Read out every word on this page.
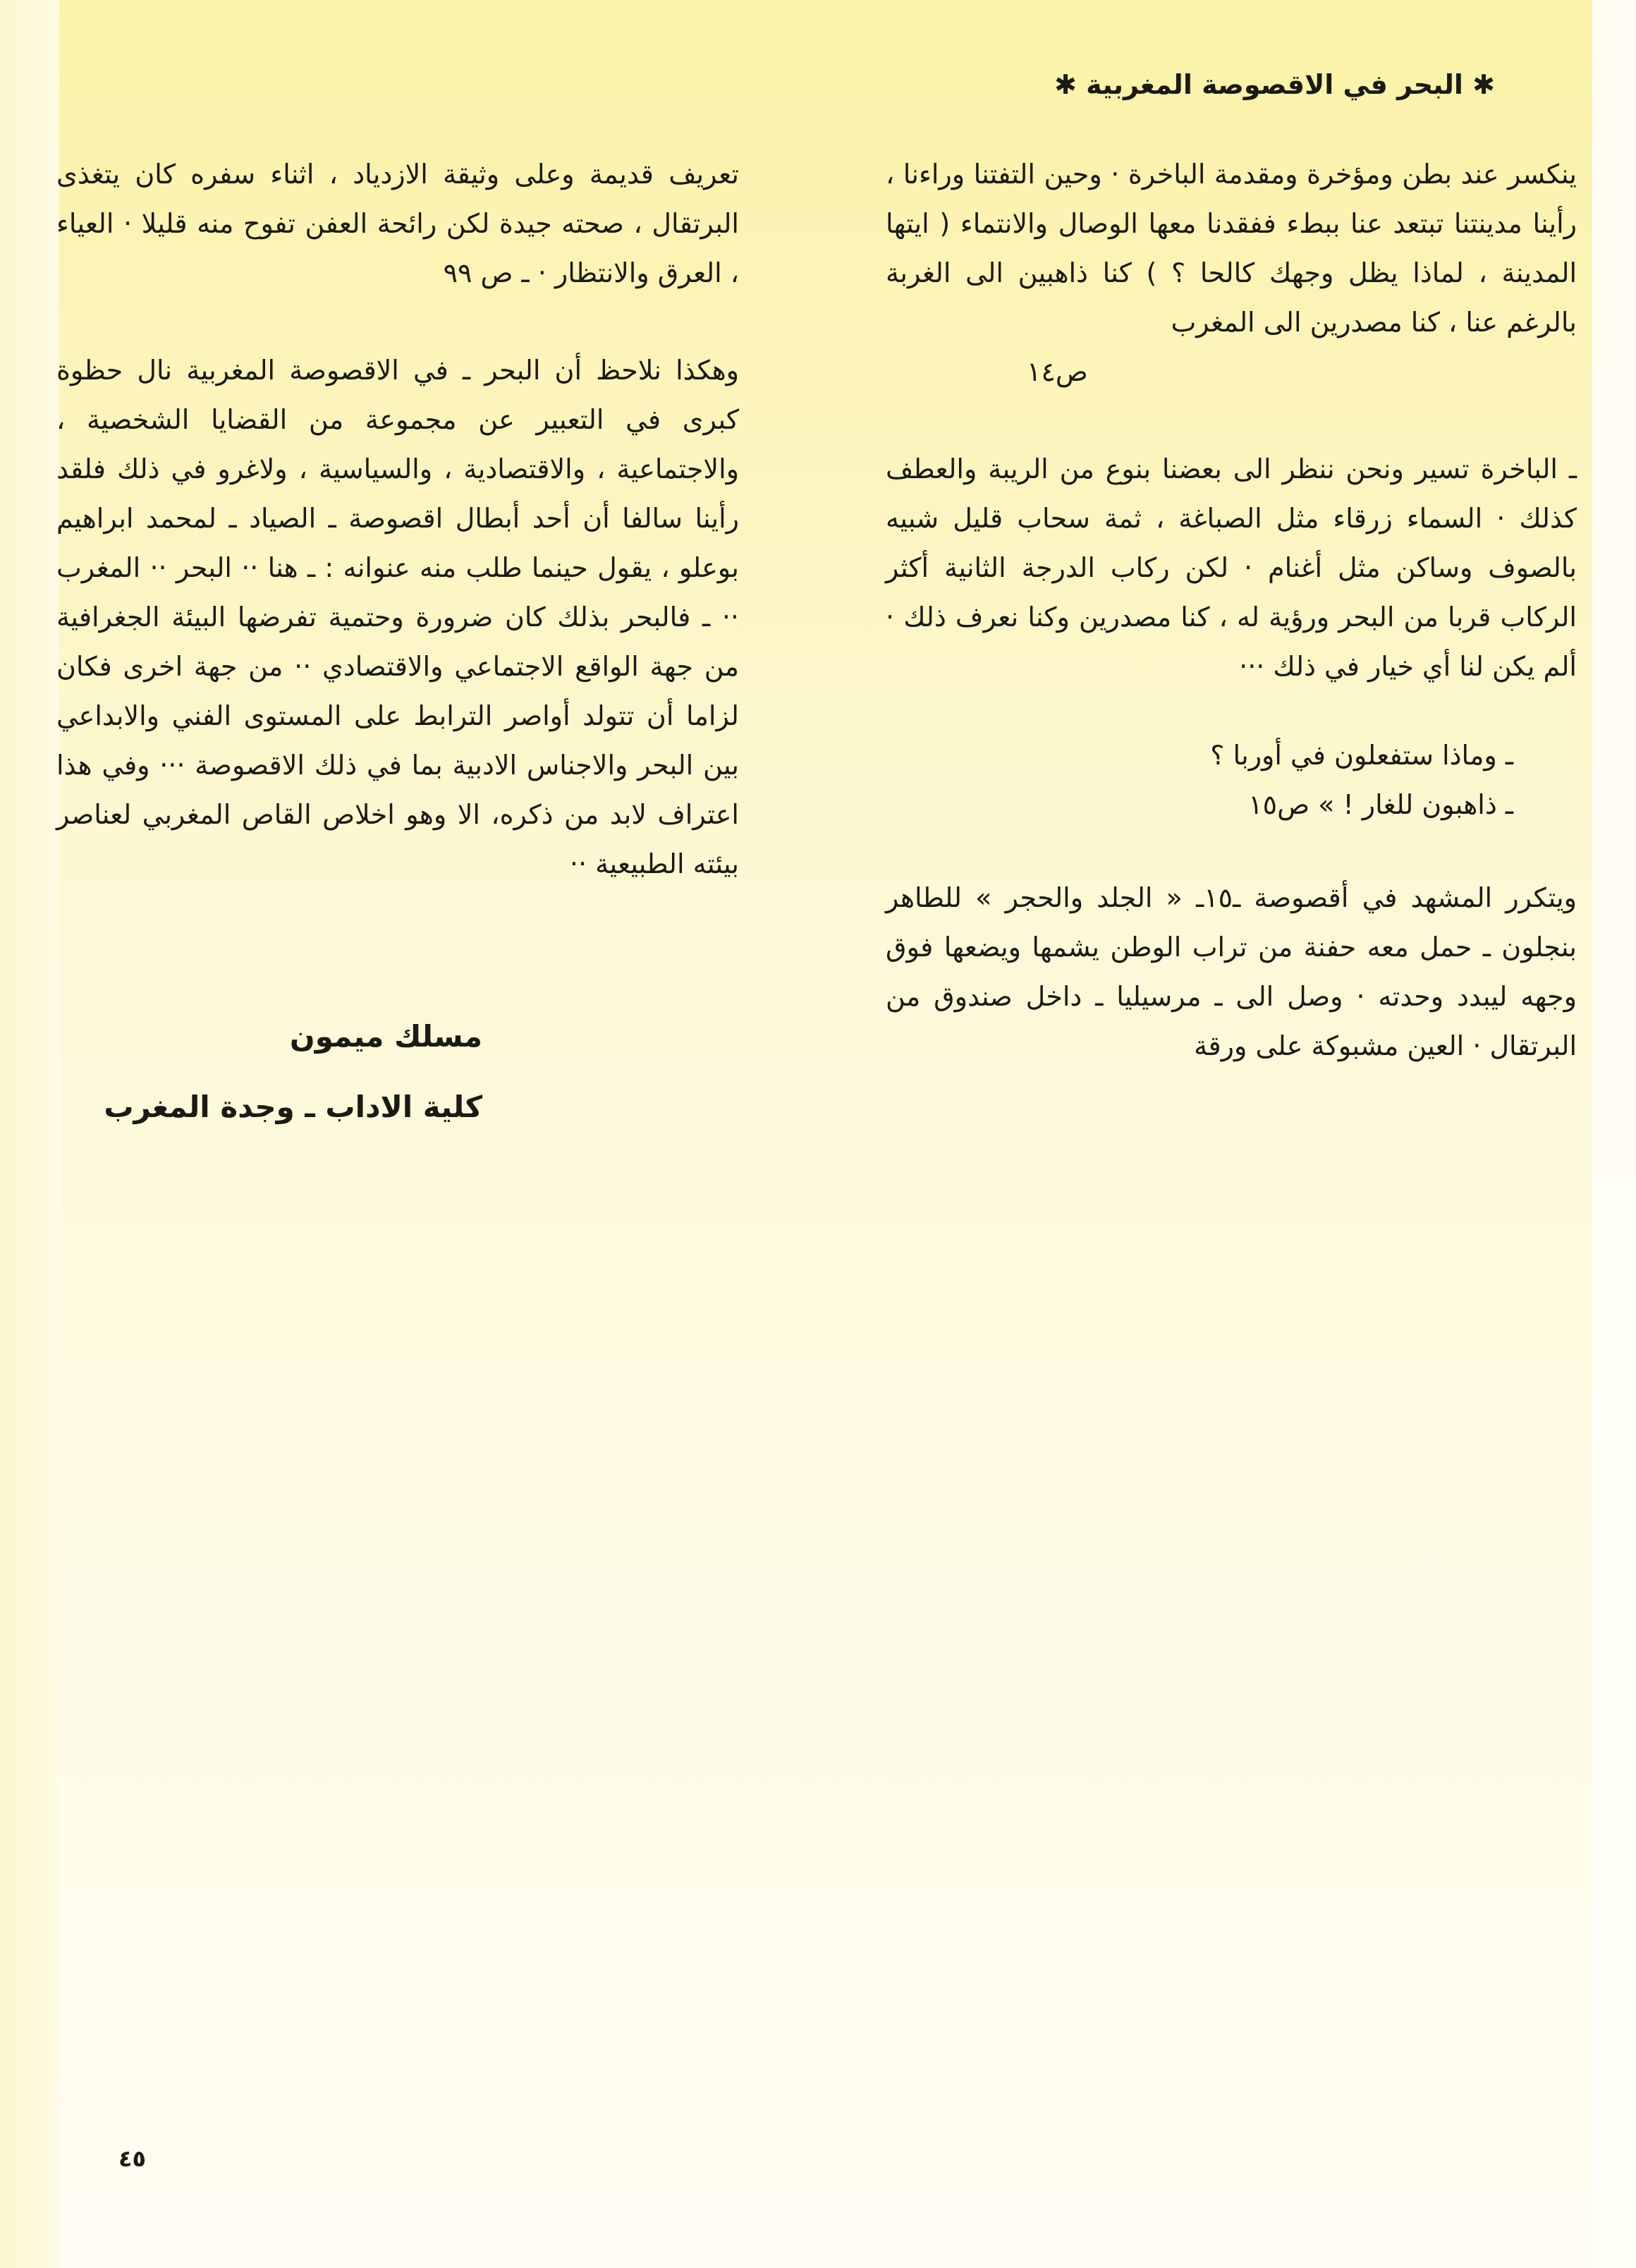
✱ البحر في الاقصوصة المغربية ✱

ينكسر عند بطن ومؤخرة ومقدمة الباخرة · وحين التفتنا وراءنا ، رأينا مدينتنا تبتعد عنا ببطء ففقدنا معها الوصال والانتماء ( ايتها المدينة ، لماذا يظل وجهك كالحا ؟ ) كنا ذاهبين الى الغربة بالرغم عنا ، كنا مصدرين الى المغرب

ص١٤

ـ الباخرة تسير ونحن ننظر الى بعضنا بنوع من الريبة والعطف كذلك · السماء زرقاء مثل الصباغة ، ثمة سحاب قليل شبيه بالصوف وساكن مثل أغنام · لكن ركاب الدرجة الثانية أكثر الركاب قربا من البحر ورؤية له ، كنا مصدرين وكنا نعرف ذلك · ألم يكن لنا أي خيار في ذلك ···

ـ وماذا ستفعلون في أوربا ؟

ـ ذاهبون للغار ! » ص١٥

ويتكرر المشهد في أقصوصة ـ١٥ـ « الجلد والحجر » للطاهر بنجلون ـ حمل معه حفنة من تراب الوطن يشمها ويضعها فوق وجهه ليبدد وحدته · وصل الى ـ مرسيليا ـ داخل صندوق من البرتقال · العين مشبوكة على ورقة

تعريف قديمة وعلى وثيقة الازدياد ، اثناء سفره كان يتغذى البرتقال ، صحته جيدة لكن رائحة العفن تفوح منه قليلا · العياء ، العرق والانتظار · ـ ص ٩٩

وهكذا نلاحظ أن البحر ـ في الاقصوصة المغربية نال حظوة كبرى في التعبير عن مجموعة من القضايا الشخصية ، والاجتماعية ، والاقتصادية ، والسياسية ، ولاغرو في ذلك فلقد رأينا سالفا أن أحد أبطال اقصوصة ـ الصياد ـ لمحمد ابراهيم بوعلو ، يقول حينما طلب منه عنوانه : ـ هنا ·· البحر ·· المغرب ·· ـ فالبحر بذلك كان ضرورة وحتمية تفرضها البيئة الجغرافية من جهة الواقع الاجتماعي والاقتصادي ·· من جهة اخرى فكان لزاما أن تتولد أواصر الترابط على المستوى الفني والابداعي بين البحر والاجناس الادبية بما في ذلك الاقصوصة ··· وفي هذا اعتراف لابد من ذكره، الا وهو اخلاص القاص المغربي لعناصر بيئته الطبيعية ··

مسلك ميمون
كلية الاداب ـ وجدة المغرب
٤٥
